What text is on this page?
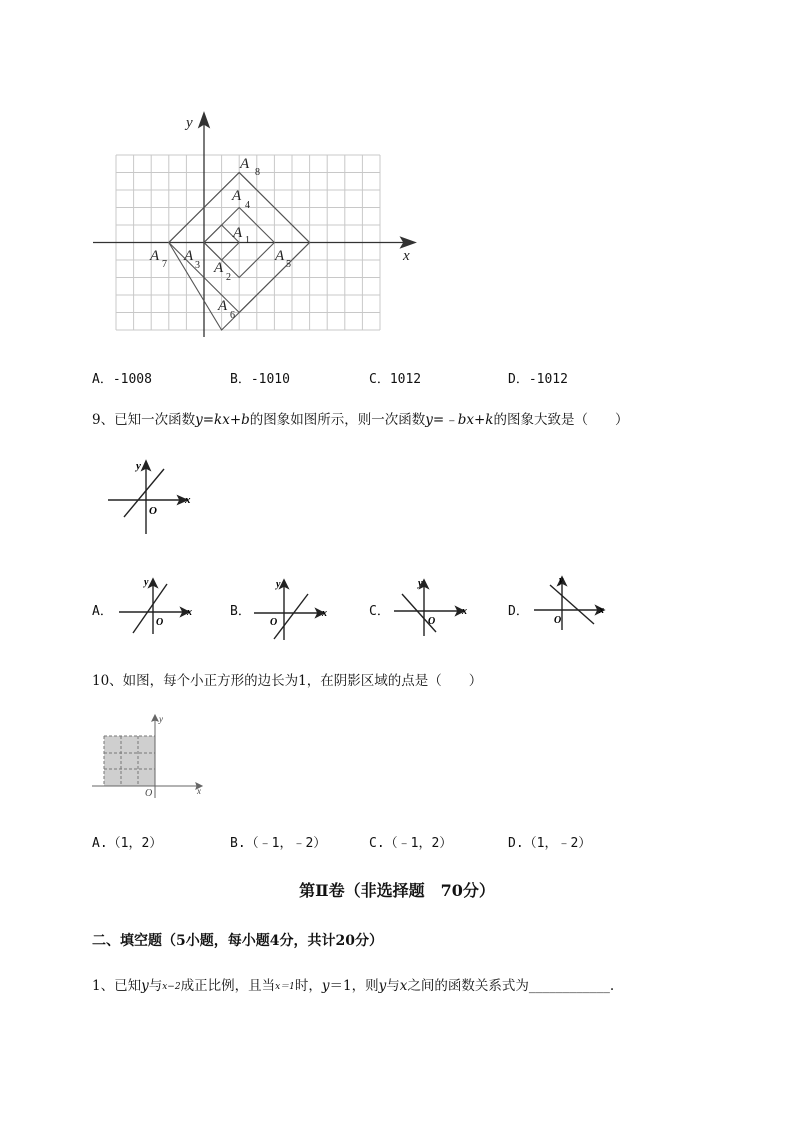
y
x
A
8
A
4
A 1
A
7
A
3 A
2
A
5
A
6
A．-1008	B．-1010	C．1012	D．-1012
9、已知一次函数y=kx+b的图象如图所示，则一次函数y=﹣bx+k的图象大致是（　　）
y
x
O
A．
y
x
O
B．
y
x
O
C．
y
x
O
D．
y
x
O
10、如图，每个小正方形的边长为1，在阴影区域的点是（　　）
y
x
O
A.（1，2）	B.（﹣1，﹣2）	C.（﹣1，2）	D.（1，﹣2）
第Ⅱ卷（非选择题　70分）
二、填空题（5小题，每小题4分，共计20分）
1、已知y与x−2成正比例，且当x＝1时，y＝1，则y与x之间的函数关系式为____________.
